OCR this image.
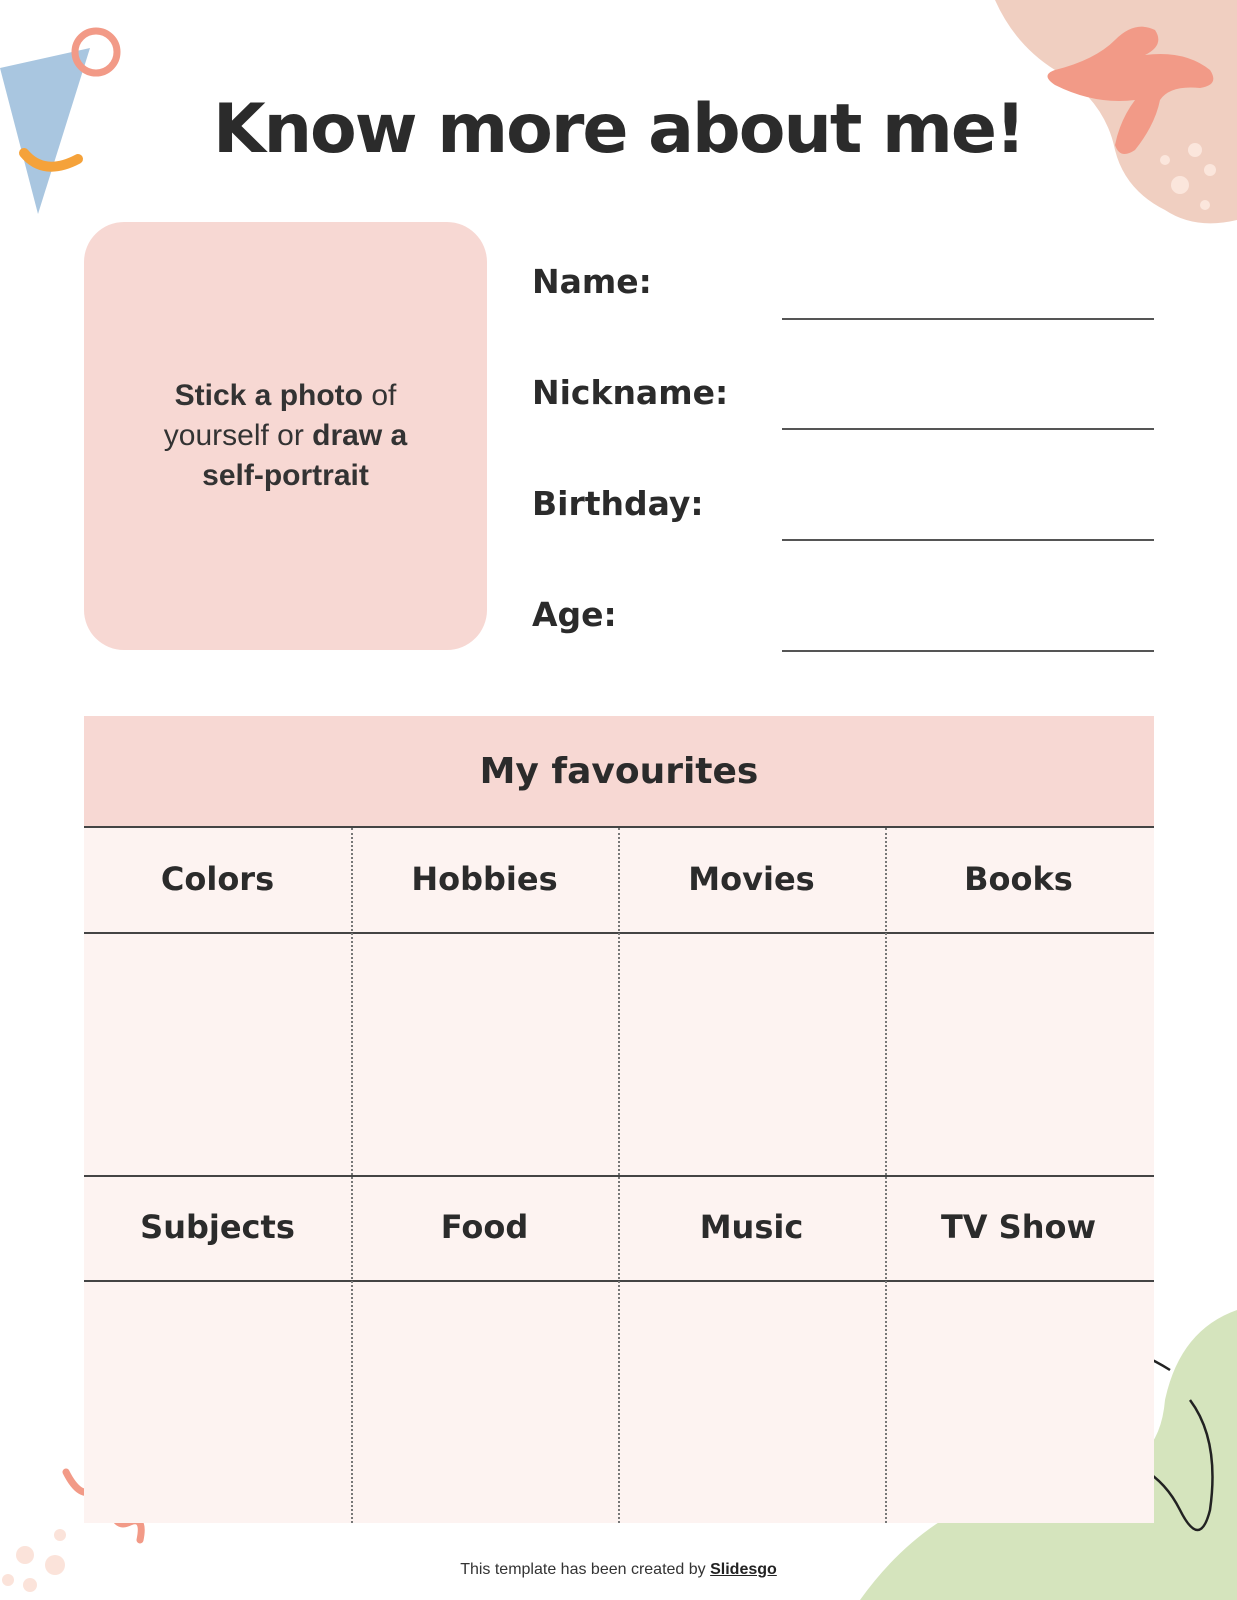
Know more about me!
Stick a photo of
yourself or draw a
self-portrait
Name:
Nickname:
Birthday:
Age:
My favourites
Colors	Hobbies	Movies	Books
Subjects	Food	Music	TV Show
This template has been created by Slidesgo
